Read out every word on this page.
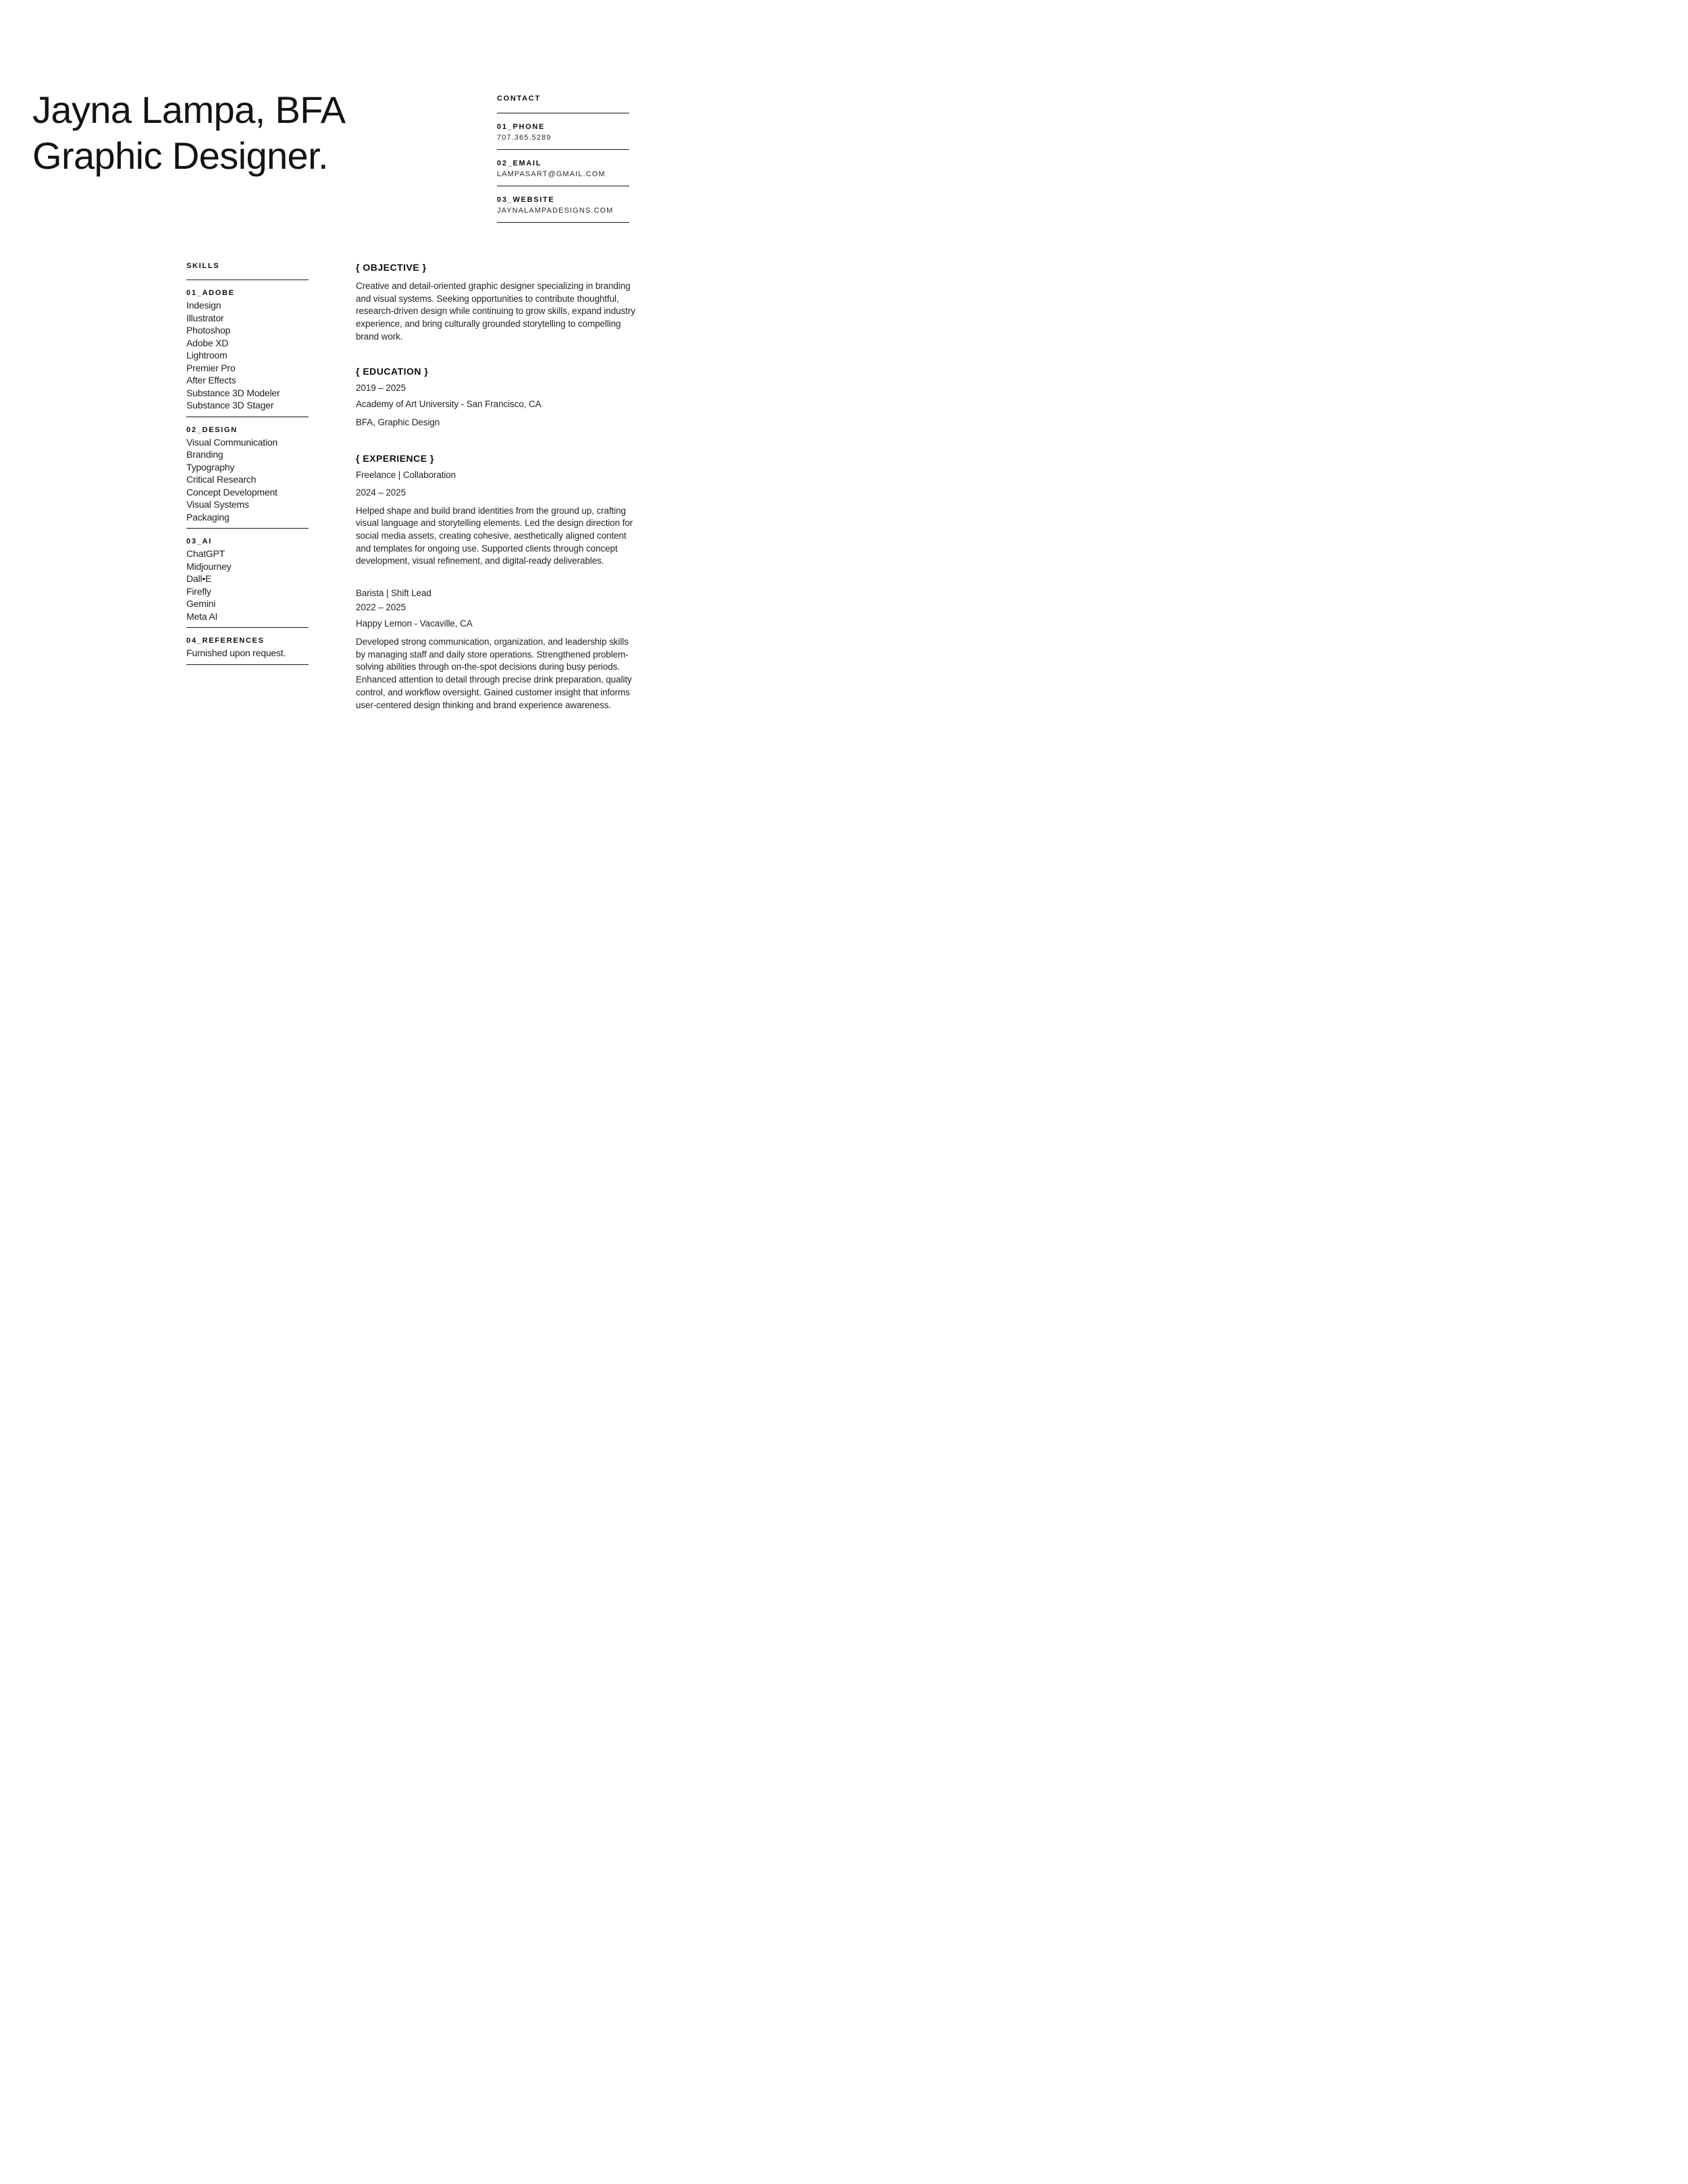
Jayna Lampa, BFA
Graphic Designer.
CONTACT
01_PHONE
707.365.5289
02_EMAIL
LAMPASART@GMAIL.COM
03_WEBSITE
JAYNALAMPADESIGNS.COM
SKILLS
01_ADOBE
Indesign
Illustrator
Photoshop
Adobe XD
Lightroom
Premier Pro
After Effects
Substance 3D Modeler
Substance 3D Stager
02_DESIGN
Visual Communication
Branding
Typography
Critical Research
Concept Development
Visual Systems
Packaging
03_AI
ChatGPT
Midjourney
Dall•E
Firefly
Gemini
Meta AI
04_REFERENCES
Furnished upon request.
{ OBJECTIVE }

Creative and detail-oriented graphic designer specializing in branding and visual systems. Seeking opportunities to contribute thoughtful, research-driven design while continuing to grow skills, expand industry experience, and bring culturally grounded storytelling to compelling brand work.

{ EDUCATION }
2019 – 2025
Academy of Art University - San Francisco, CA
BFA, Graphic Design
{ EXPERIENCE }
Freelance | Collaboration
2024 – 2025

Helped shape and build brand identities from the ground up, crafting visual language and storytelling elements. Led the design direction for social media assets, creating cohesive, aesthetically aligned content and templates for ongoing use. Supported clients through concept development, visual refinement, and digital-ready deliverables.

Barista | Shift Lead
2022 – 2025
Happy Lemon - Vacaville, CA

Developed strong communication, organization, and leadership skills by managing staff and daily store operations. Strengthened problem-solving abilities through on-the-spot decisions during busy periods. Enhanced attention to detail through precise drink preparation, quality control, and workflow oversight. Gained customer insight that informs user-centered design thinking and brand experience awareness.
